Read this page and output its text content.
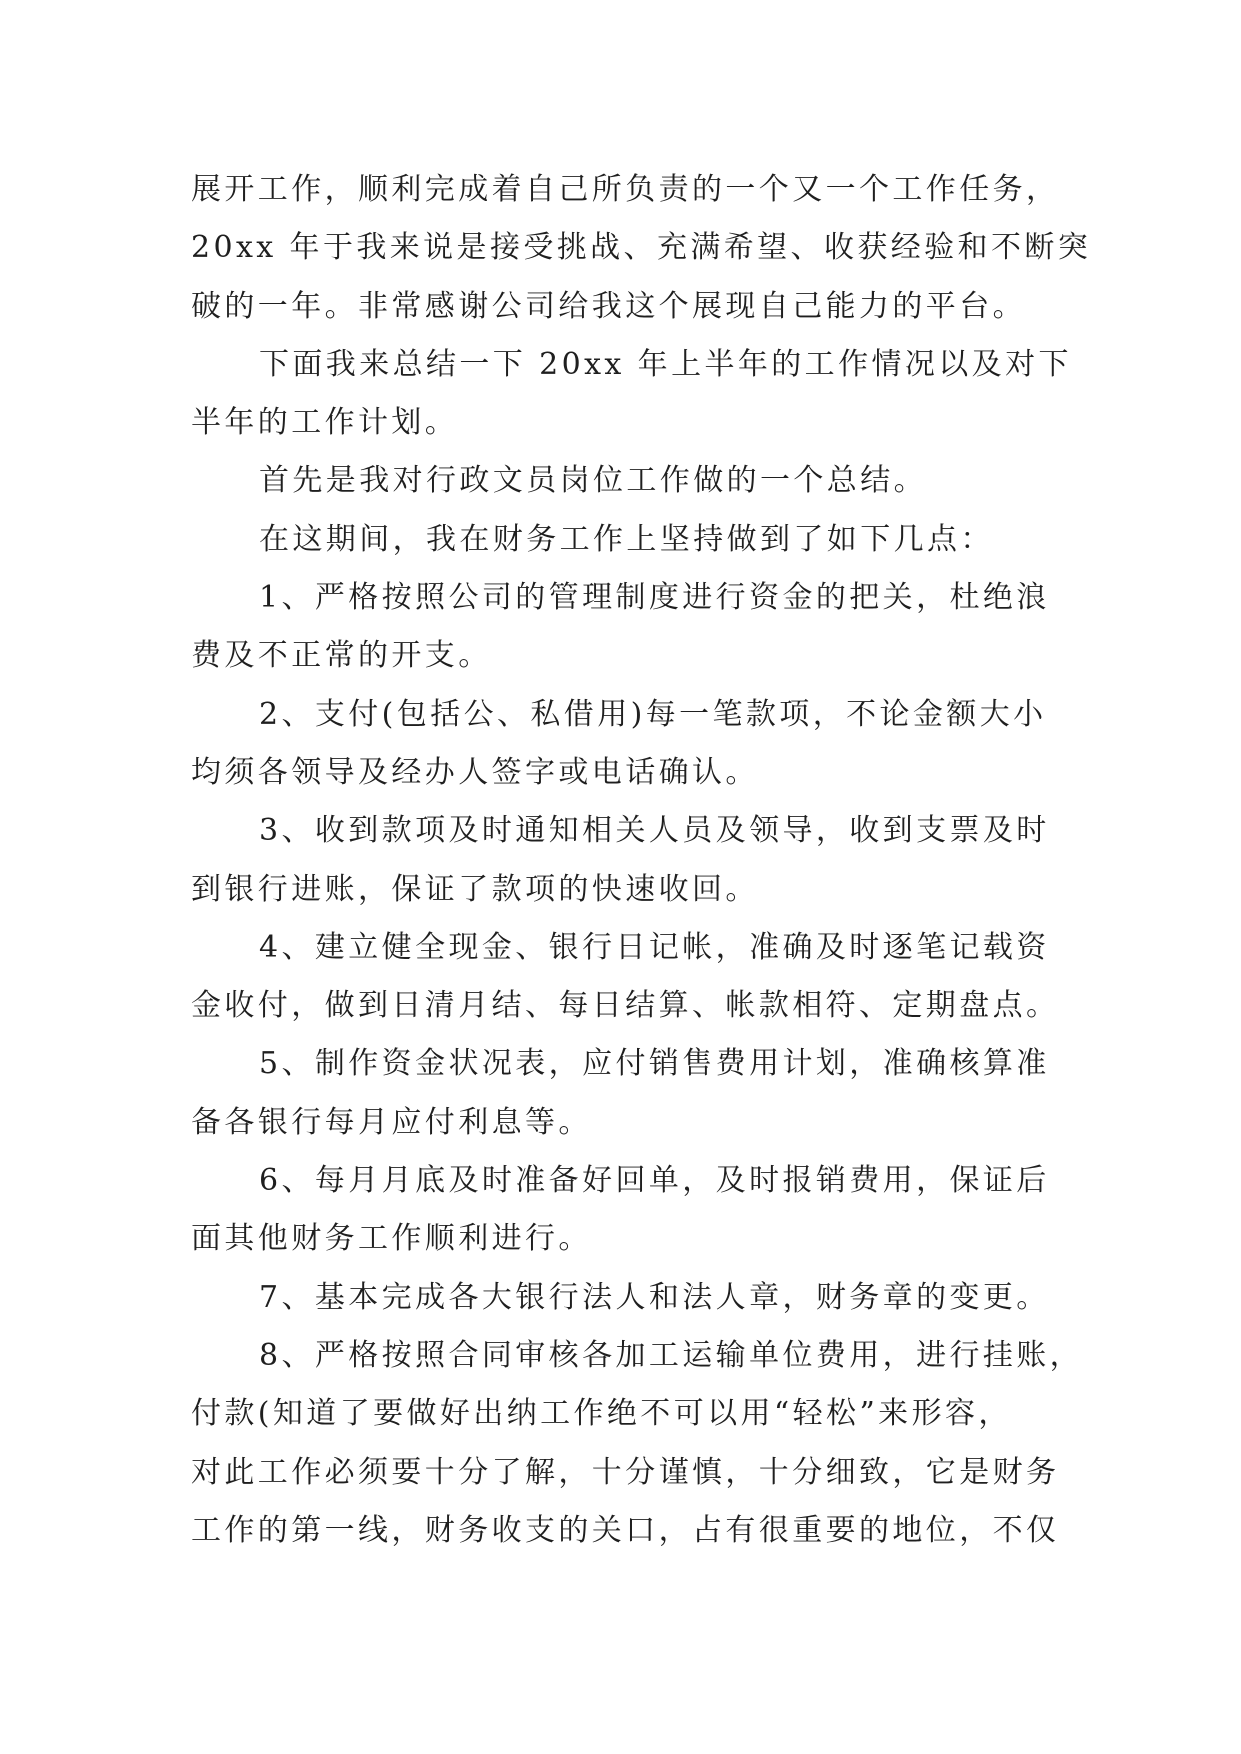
展开工作，顺利完成着自己所负责的一个又一个工作任务，
20xx 年于我来说是接受挑战、充满希望、收获经验和不断突
破的一年。非常感谢公司给我这个展现自己能力的平台。
下面我来总结一下 20xx 年上半年的工作情况以及对下
半年的工作计划。
首先是我对行政文员岗位工作做的一个总结。
在这期间，我在财务工作上坚持做到了如下几点：
1、严格按照公司的管理制度进行资金的把关，杜绝浪
费及不正常的开支。
2、支付(包括公、私借用)每一笔款项，不论金额大小
均须各领导及经办人签字或电话确认。
3、收到款项及时通知相关人员及领导，收到支票及时
到银行进账，保证了款项的快速收回。
4、建立健全现金、银行日记帐，准确及时逐笔记载资
金收付，做到日清月结、每日结算、帐款相符、定期盘点。
5、制作资金状况表，应付销售费用计划，准确核算准
备各银行每月应付利息等。
6、每月月底及时准备好回单，及时报销费用，保证后
面其他财务工作顺利进行。
7、基本完成各大银行法人和法人章，财务章的变更。
8、严格按照合同审核各加工运输单位费用，进行挂账，
付款(知道了要做好出纳工作绝不可以用“轻松”来形容，
对此工作必须要十分了解，十分谨慎，十分细致，它是财务
工作的第一线，财务收支的关口，占有很重要的地位，不仅
